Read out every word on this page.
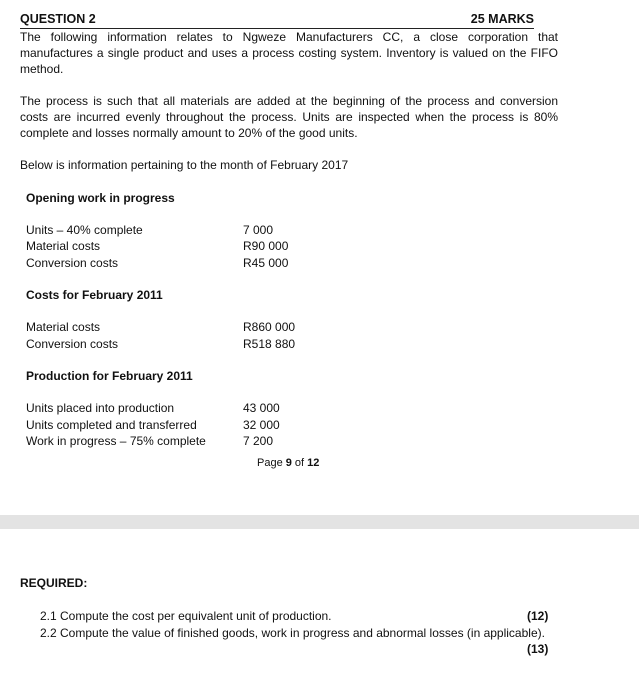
QUESTION 2	25 MARKS
The following information relates to Ngweze Manufacturers CC, a close corporation that manufactures a single product and uses a process costing system. Inventory is valued on the FIFO method.
The process is such that all materials are added at the beginning of the process and conversion costs are incurred evenly throughout the process. Units are inspected when the process is 80% complete and losses normally amount to 20% of the good units.
Below is information pertaining to the month of February 2017
Opening work in progress
Units – 40% complete	7 000
Material costs	R90 000
Conversion costs	R45 000
Costs for February 2011
Material costs	R860 000
Conversion costs	R518 880
Production for February 2011
Units placed into production	43 000
Units completed and transferred	32 000
Work in progress – 75% complete	7 200
Page 9 of 12
REQUIRED:
2.1 Compute the cost per equivalent unit of production.	(12)
2.2 Compute the value of finished goods, work in progress and abnormal losses (in applicable).
(13)
